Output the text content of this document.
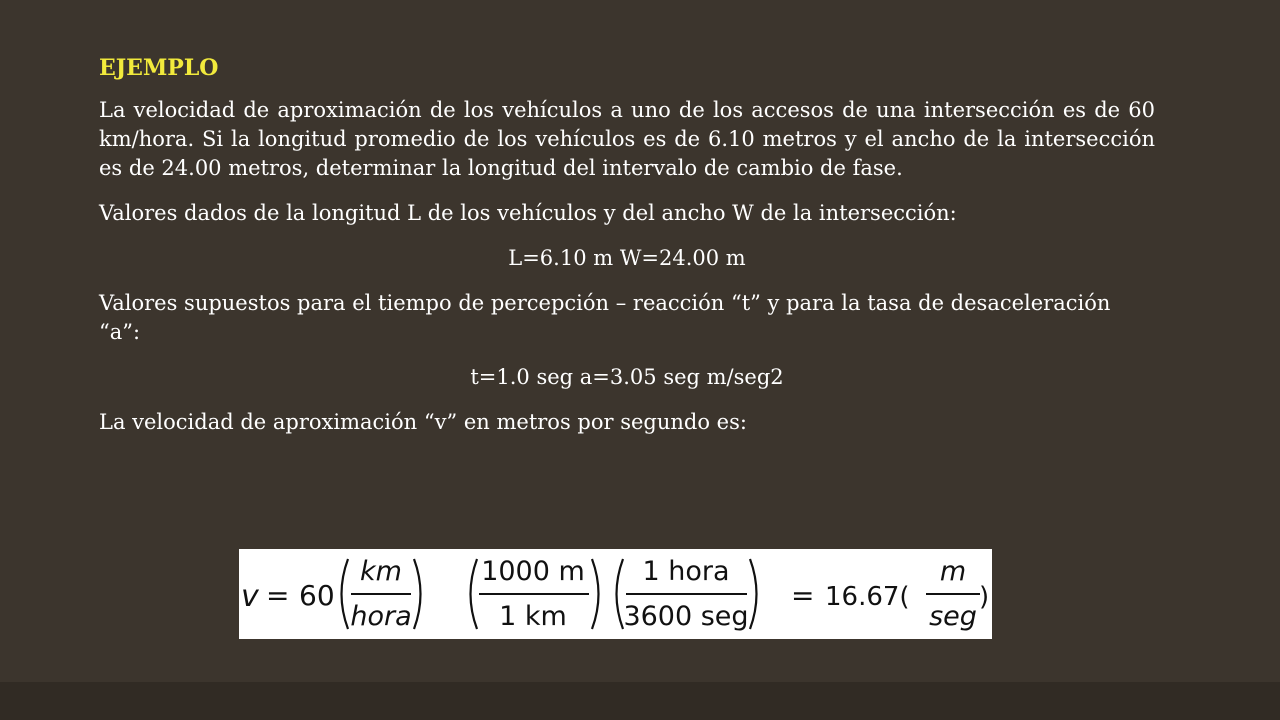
EJEMPLO
La velocidad de aproximación de los vehículos a uno de los accesos de una intersección es de 60 km/hora. Si la longitud promedio de los vehículos es de 6.10 metros y el ancho de la intersección es de 24.00 metros, determinar la longitud del intervalo de cambio de fase.
Valores dados de la longitud L de los vehículos y del ancho W de la intersección:
L=6.10 m W=24.00 m
Valores supuestos para el tiempo de percepción – reacción “t” y para la tasa de desaceleración “a”:
t=1.0 seg a=3.05 seg m/seg2
La velocidad de aproximación “v” en metros por segundo es:
v = 60
km
hora
1000 m
1 km
1 hora
3600 seg
= 16.67(
m
seg
)
